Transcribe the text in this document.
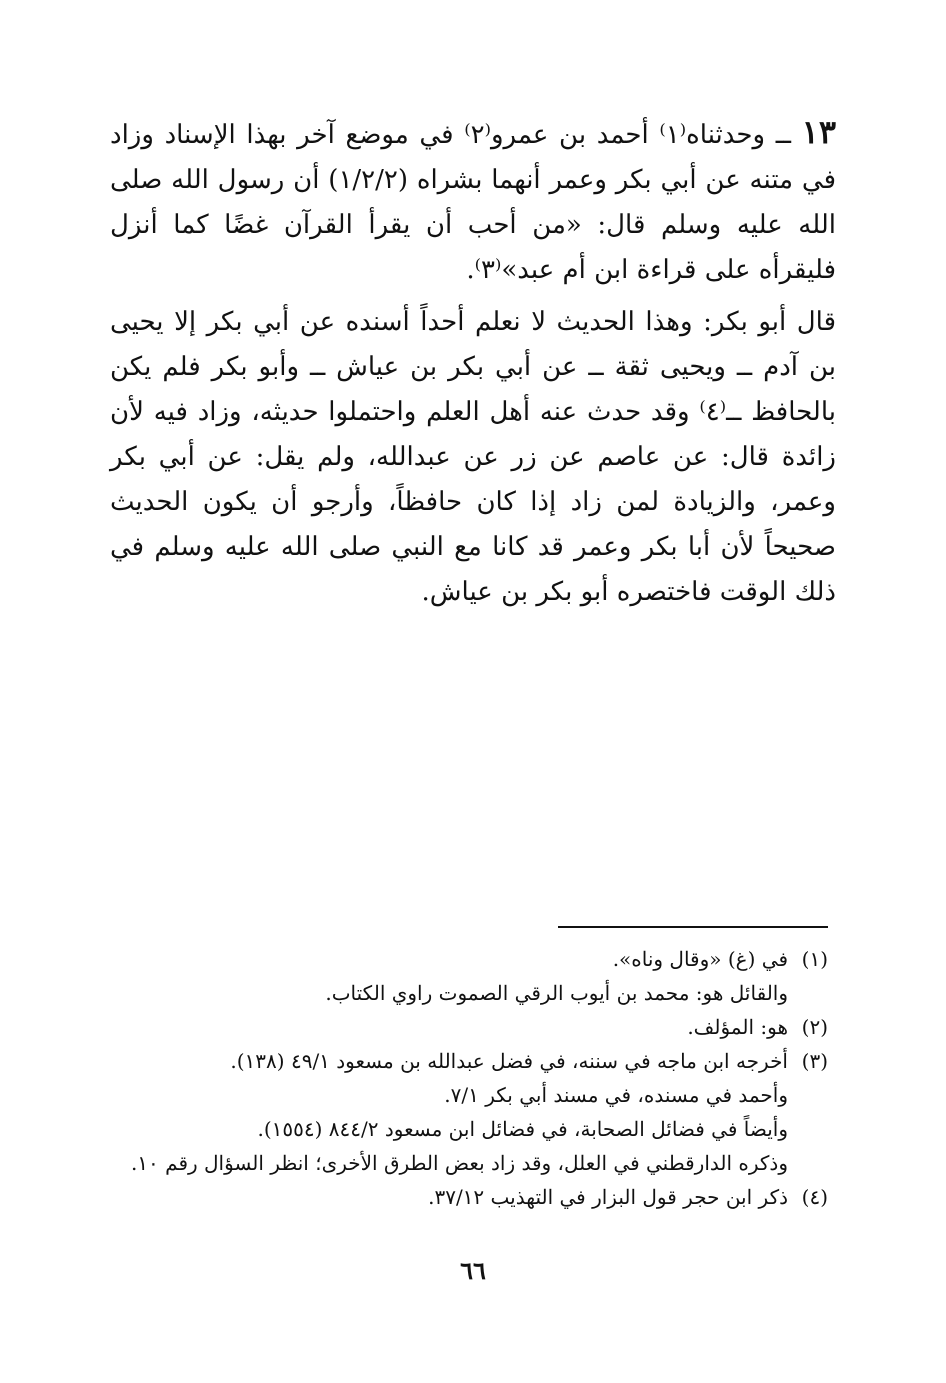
١٣ ــ وحدثناه⁽١⁾ أحمد بن عمرو⁽٢⁾ في موضع آخر بهذا الإسناد وزاد في متنه عن أبي بكر وعمر أنهما بشراه (١/٢/٢) أن رسول الله صلى الله عليه وسلم قال: «من أحب أن يقرأ القرآن غضًا كما أنزل فليقرأه على قراءة ابن أم عبد»⁽٣⁾.

قال أبو بكر: وهذا الحديث لا نعلم أحداً أسنده عن أبي بكر إلا يحيى بن آدم ــ ويحيى ثقة ــ عن أبي بكر بن عياش ــ وأبو بكر فلم يكن بالحافظ ــ⁽٤⁾ وقد حدث عنه أهل العلم واحتملوا حديثه، وزاد فيه لأن زائدة قال: عن عاصم عن زر عن عبدالله، ولم يقل: عن أبي بكر وعمر، والزيادة لمن زاد إذا كان حافظاً، وأرجو أن يكون الحديث صحيحاً لأن أبا بكر وعمر قد كانا مع النبي صلى الله عليه وسلم في ذلك الوقت فاختصره أبو بكر بن عياش.

(١)في (غ) «وقال وناه».
والقائل هو: محمد بن أيوب الرقي الصموت راوي الكتاب.
(٢)هو: المؤلف.
(٣)أخرجه ابن ماجه في سننه، في فضل عبدالله بن مسعود ٤٩/١ (١٣٨).
وأحمد في مسنده، في مسند أبي بكر ٧/١.
وأيضاً في فضائل الصحابة، في فضائل ابن مسعود ٨٤٤/٢ (١٥٥٤).
وذكره الدارقطني في العلل، وقد زاد بعض الطرق الأخرى؛ انظر السؤال رقم ١٠.
(٤)ذكر ابن حجر قول البزار في التهذيب ٣٧/١٢.
٦٦
